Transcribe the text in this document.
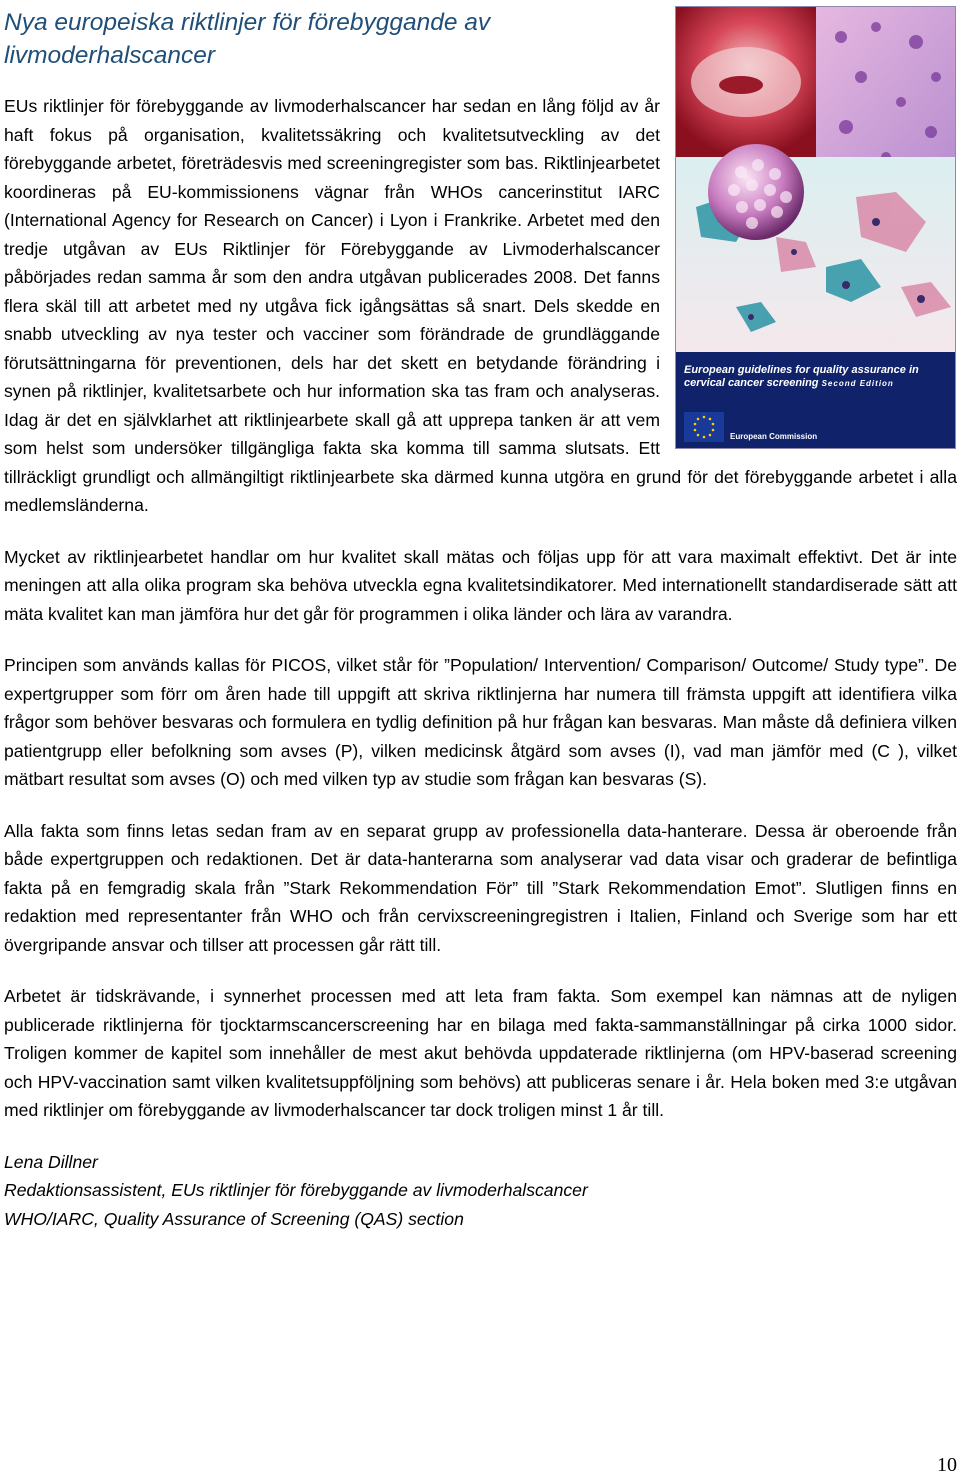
Nya europeiska riktlinjer för förebyggande av livmoderhalscancer

EUs riktlinjer för förebyggande av livmoderhalscancer har sedan en lång följd av år haft fokus på organisation, kvalitetssäkring och kvalitetsutveckling av det förebyggande arbetet, företrädesvis med screeningregister som bas. Riktlinjearbetet koordineras på EU-kommissionens vägnar från WHOs cancerinstitut IARC (International Agency for Research on Cancer) i Lyon i Frankrike. Arbetet med den tredje utgåvan av EUs Riktlinjer för Förebyggande av Livmoderhalscancer påbörjades redan samma år som den andra utgåvan publicerades 2008. Det fanns flera skäl till att arbetet med ny utgåva fick igångsättas så snart. Dels skedde en snabb utveckling av nya tester och vacciner som förändrade de grundläggande förutsättningarna för preventionen, dels har det skett en betydande förändring i synen på riktlinjer, kvalitetsarbete och hur information ska tas fram och analyseras. Idag är det en självklarhet att riktlinjearbete skall gå att upprepa tanken är att vem som helst som undersöker tillgängliga fakta ska komma till samma slutsats. Ett tillräckligt grundligt och allmängiltigt riktlinjearbete ska därmed kunna utgöra en grund för det förebyggande arbetet i alla medlemsländerna.

Mycket av riktlinjearbetet handlar om hur kvalitet skall mätas och följas upp för att vara maximalt effektivt. Det är inte meningen att alla olika program ska behöva utveckla egna kvalitetsindikatorer. Med internationellt standardiserade sätt att mäta kvalitet kan man jämföra hur det går för programmen i olika länder och lära av varandra.

Principen som används kallas för PICOS, vilket står för ”Population/ Intervention/ Comparison/ Outcome/ Study type”. De expertgrupper som förr om åren hade till uppgift att skriva riktlinjerna har numera till främsta uppgift att identifiera vilka frågor som behöver besvaras och formulera en tydlig definition på hur frågan kan besvaras. Man måste då definiera vilken patientgrupp eller befolkning som avses (P), vilken medicinsk åtgärd som avses (I), vad man jämför med (C ), vilket mätbart resultat som avses (O) och med vilken typ av studie som frågan kan besvaras (S).

Alla fakta som finns letas sedan fram av en separat grupp av professionella data-hanterare. Dessa är oberoende från både expertgruppen och redaktionen. Det är data-hanterarna som analyserar vad data visar och graderar de befintliga fakta på en femgradig skala från ”Stark Rekommendation För” till ”Stark Rekommendation Emot”. Slutligen finns en redaktion med representanter från WHO och från cervixscreeningregistren i Italien, Finland och Sverige som har ett övergripande ansvar och tillser att processen går rätt till.

Arbetet är tidskrävande, i synnerhet processen med att leta fram fakta. Som exempel kan nämnas att de nyligen publicerade riktlinjerna för tjocktarmscancerscreening har en bilaga med fakta-sammanställningar på cirka 1000 sidor. Troligen kommer de kapitel som innehåller de mest akut behövda uppdaterade riktlinjerna (om HPV-baserad screening och HPV-vaccination samt vilken kvalitetsuppföljning som behövs) att publiceras senare i år. Hela boken med 3:e utgåvan med riktlinjer om förebyggande av livmoderhalscancer tar dock troligen minst 1 år till.

Lena Dillner
Redaktionsassistent, EUs riktlinjer för förebyggande av livmoderhalscancer
WHO/IARC, Quality Assurance of Screening (QAS) section
European guidelines for quality assurance in cervical cancer screening Second Edition
European Commission
10
